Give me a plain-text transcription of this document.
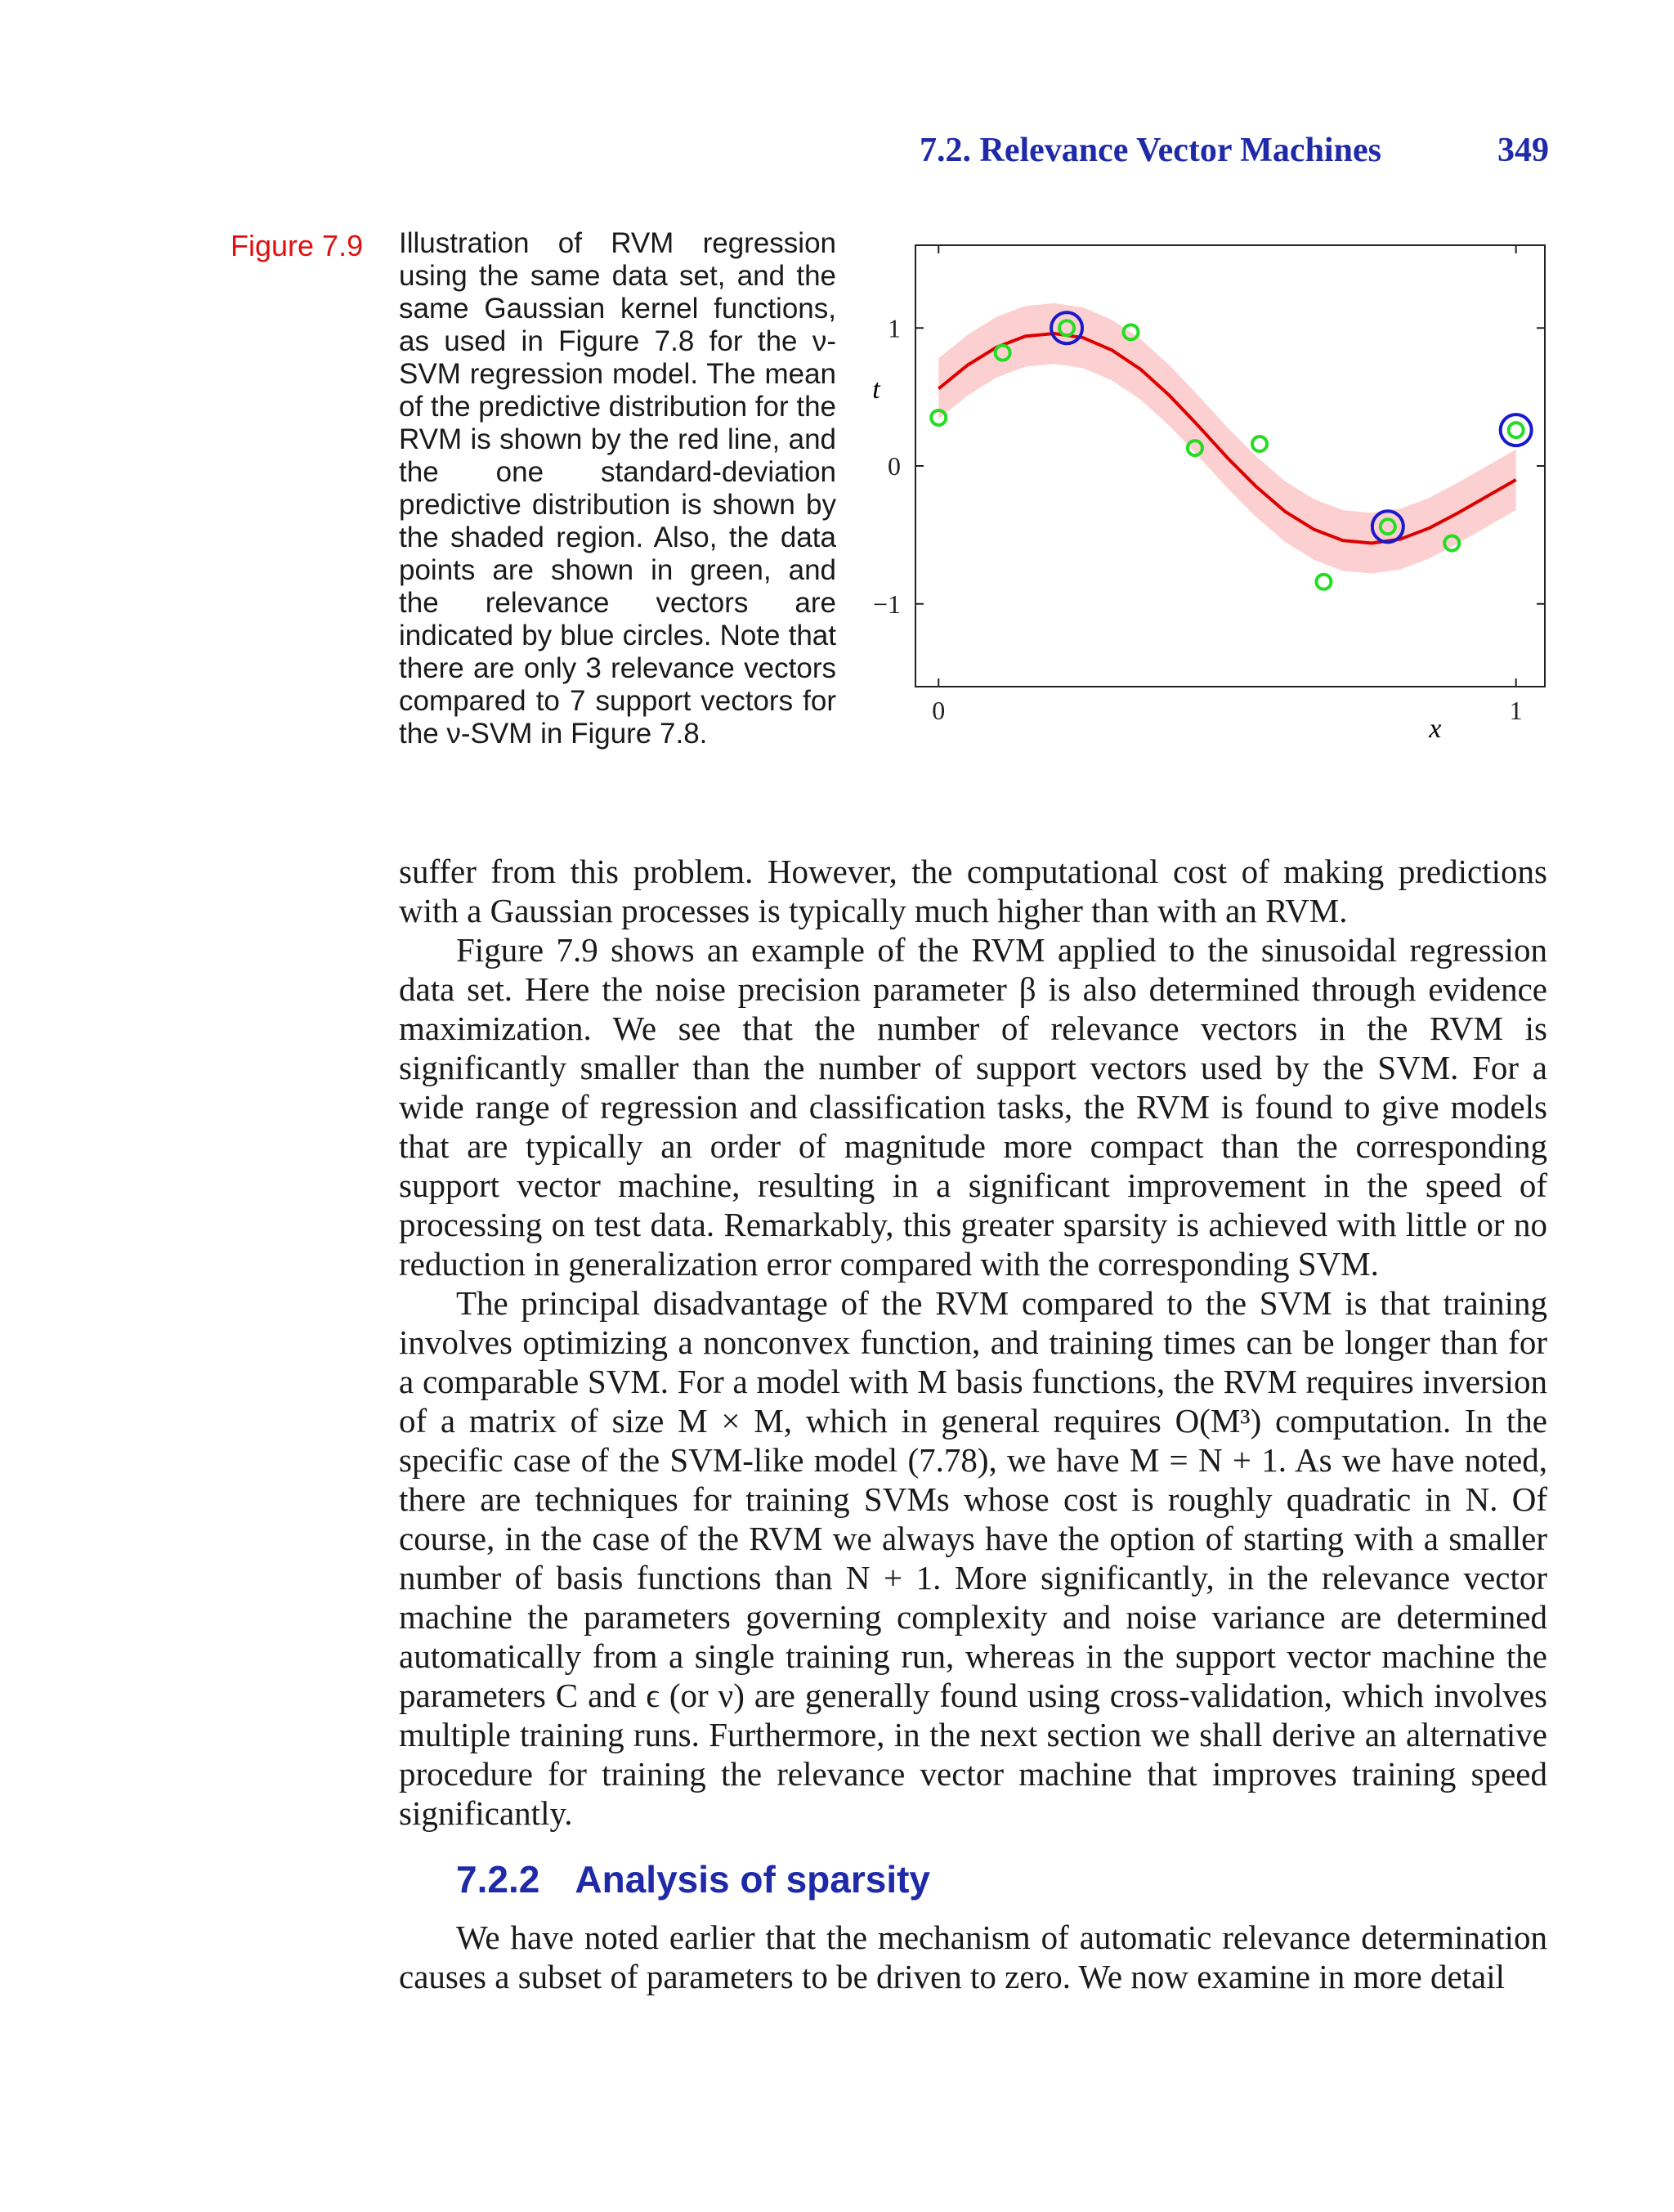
7.2. Relevance Vector Machines	349
Figure 7.9 Illustration of RVM regression using the same data set, and the same Gaussian kernel functions, as used in Figure 7.8 for the ν-SVM regression model. The mean of the predictive distribution for the RVM is shown by the red line, and the one standard-deviation predictive distribution is shown by the shaded region. Also, the data points are shown in green, and the relevance vectors are indicated by blue circles. Note that there are only 3 relevance vectors compared to 7 support vectors for the ν-SVM in Figure 7.8.
0	1
−1
0
1
x
t

suffer from this problem. However, the computational cost of making predictions with a Gaussian processes is typically much higher than with an RVM.

Figure 7.9 shows an example of the RVM applied to the sinusoidal regression data set. Here the noise precision parameter β is also determined through evidence maximization. We see that the number of relevance vectors in the RVM is significantly smaller than the number of support vectors used by the SVM. For a wide range of regression and classification tasks, the RVM is found to give models that are typically an order of magnitude more compact than the corresponding support vector machine, resulting in a significant improvement in the speed of processing on test data. Remarkably, this greater sparsity is achieved with little or no reduction in generalization error compared with the corresponding SVM.

The principal disadvantage of the RVM compared to the SVM is that training involves optimizing a nonconvex function, and training times can be longer than for a comparable SVM. For a model with M basis functions, the RVM requires inversion of a matrix of size M × M, which in general requires O(M³) computation. In the specific case of the SVM-like model (7.78), we have M = N + 1. As we have noted, there are techniques for training SVMs whose cost is roughly quadratic in N. Of course, in the case of the RVM we always have the option of starting with a smaller number of basis functions than N + 1. More significantly, in the relevance vector machine the parameters governing complexity and noise variance are determined automatically from a single training run, whereas in the support vector machine the parameters C and ϵ (or ν) are generally found using cross-validation, which involves multiple training runs. Furthermore, in the next section we shall derive an alternative procedure for training the relevance vector machine that improves training speed significantly.

7.2.2 Analysis of sparsity

We have noted earlier that the mechanism of automatic relevance determination causes a subset of parameters to be driven to zero. We now examine in more detail
